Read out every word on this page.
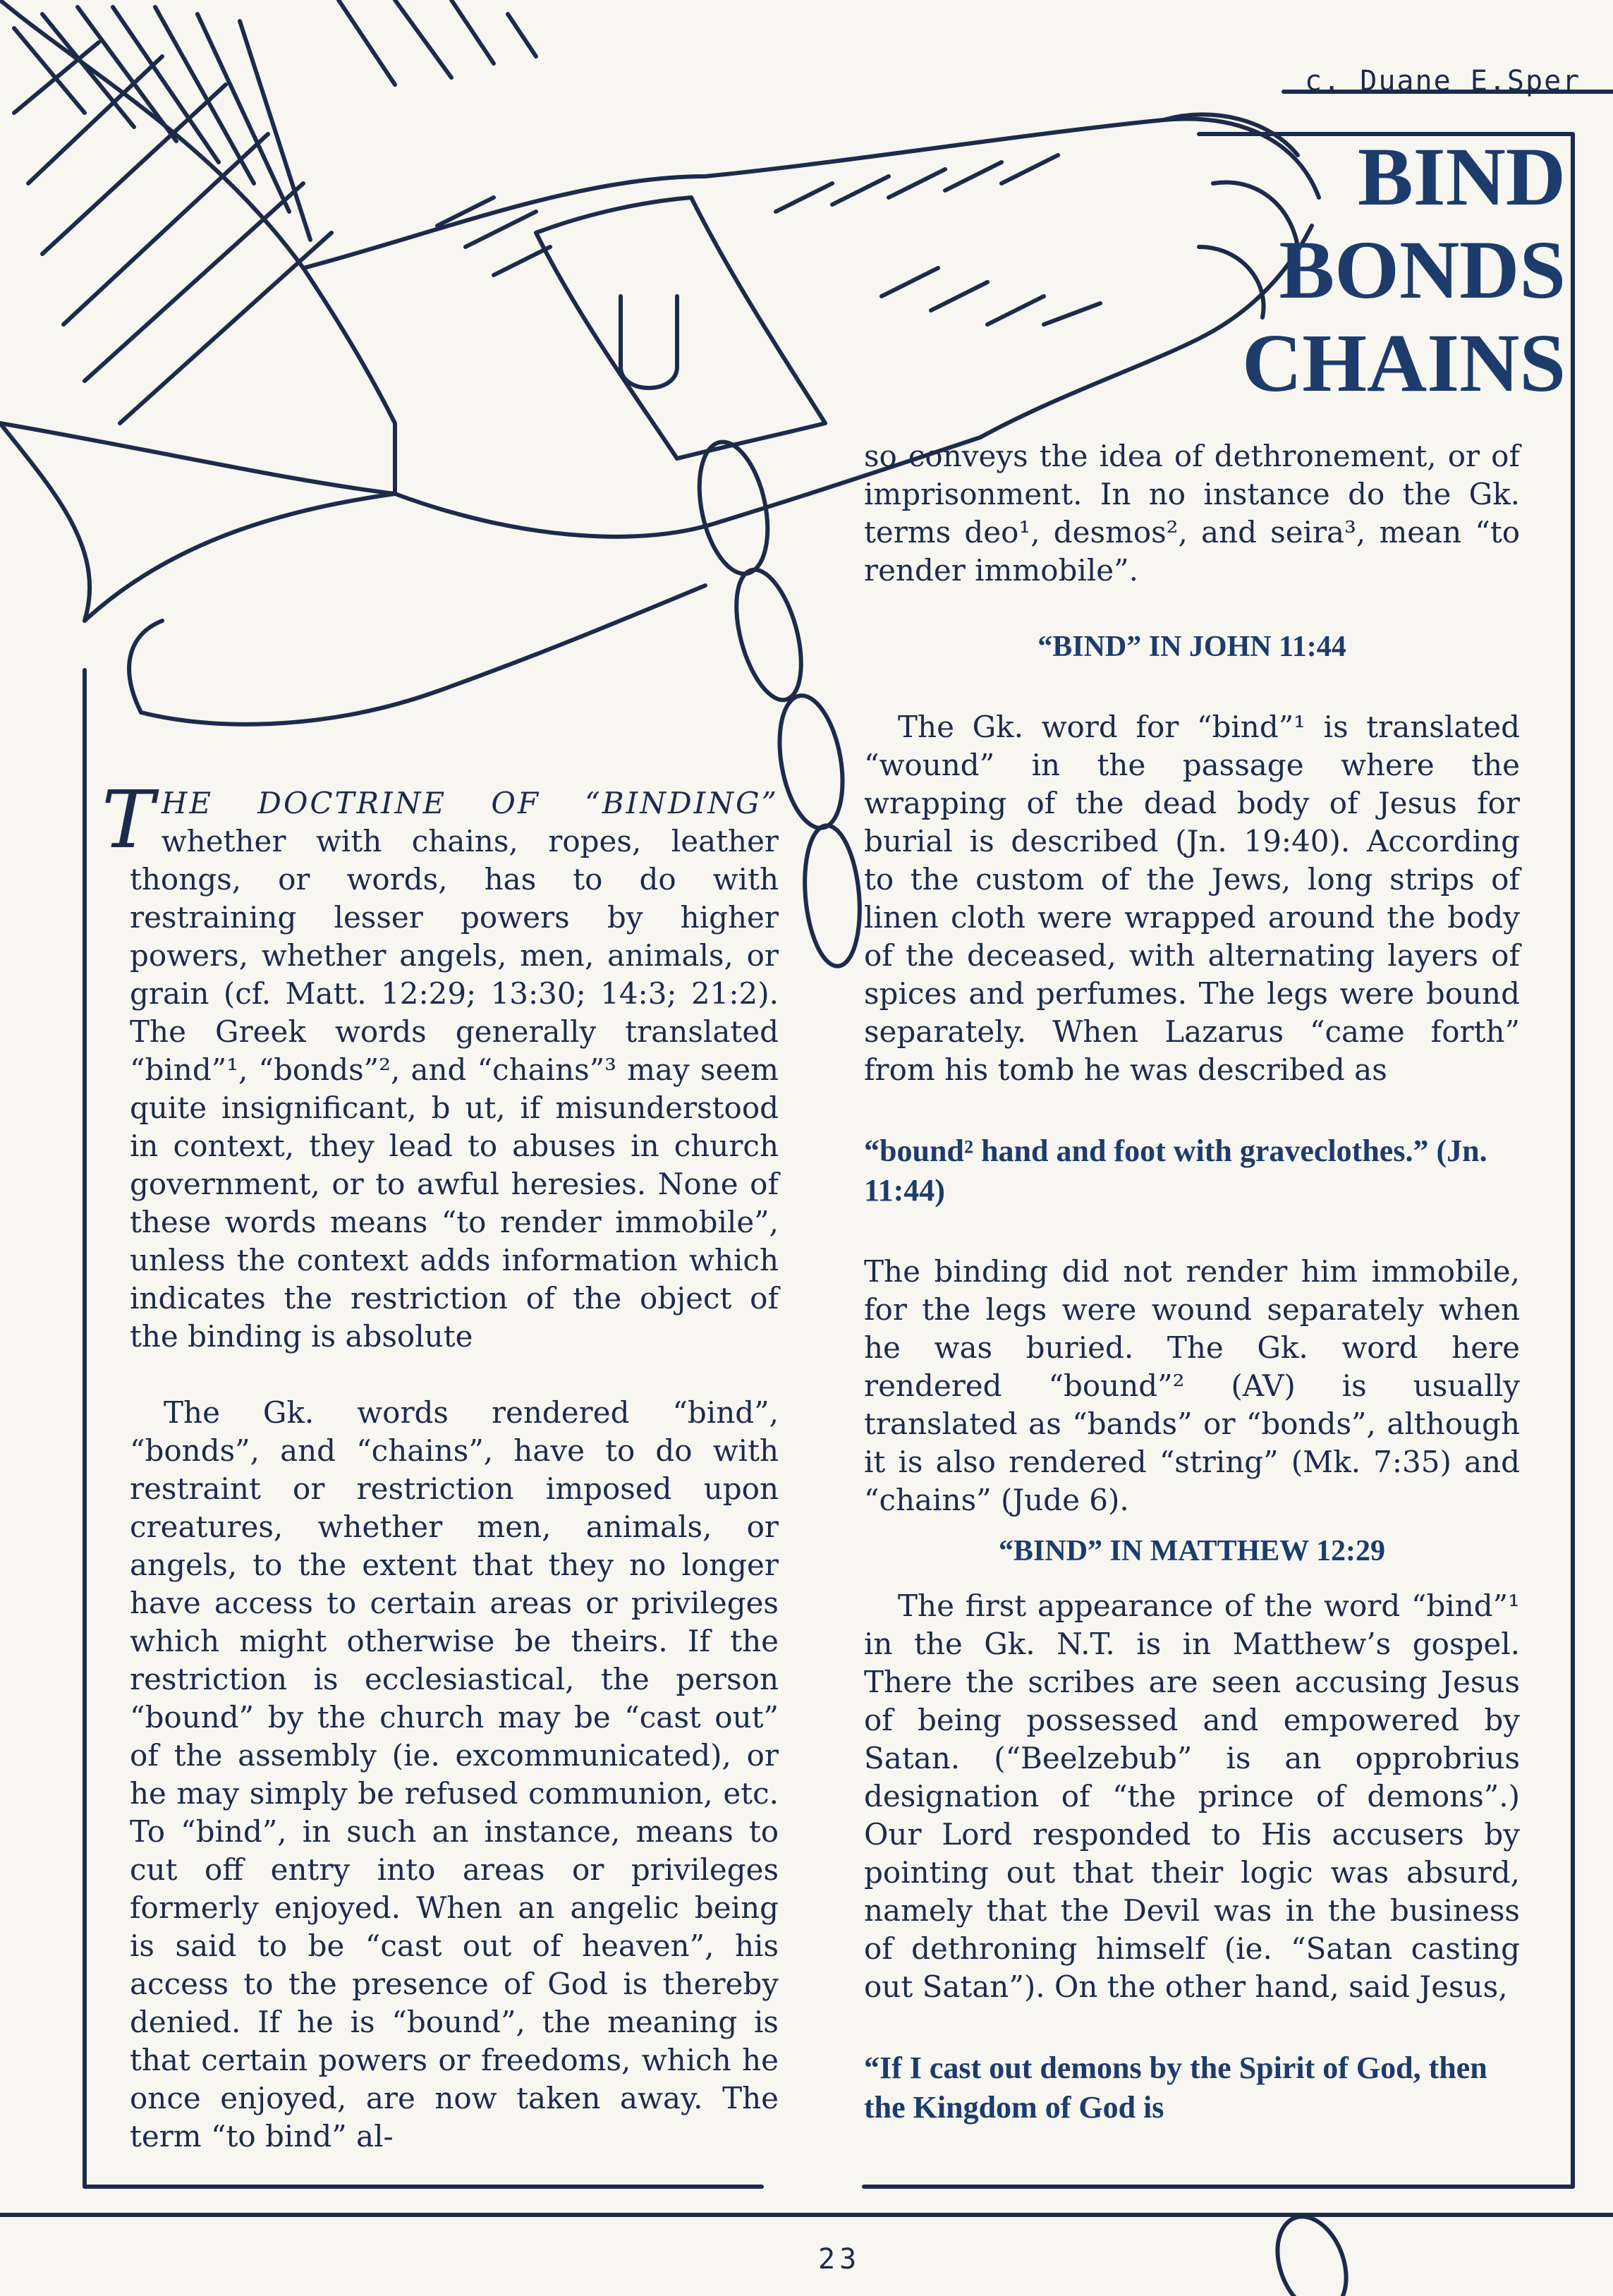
c. Duane E.Sper
BIND
BONDS
CHAINS

THE DOCTRINE OF “BINDING” whether with chains, ropes, leather thongs, or words, has to do with restraining lesser powers by higher powers, whether angels, men, animals, or grain (cf. Matt. 12:29; 13:30; 14:3; 21:2). The Greek words generally translated “bind”¹, “bonds”², and “chains”³ may seem quite insignificant, b ut, if misunderstood in context, they lead to abuses in church government, or to awful heresies. None of these words means “to render immobile”, unless the context adds information which indicates the restriction of the object of the binding is absolute

The Gk. words rendered “bind”, “bonds”, and “chains”, have to do with restraint or restriction imposed upon creatures, whether men, animals, or angels, to the extent that they no longer have access to certain areas or privileges which might otherwise be theirs. If the restriction is ecclesiastical, the person “bound” by the church may be “cast out” of the assembly (ie. excommunicated), or he may simply be refused communion, etc. To “bind”, in such an instance, means to cut off entry into areas or privileges formerly enjoyed. When an angelic being is said to be “cast out of heaven”, his access to the presence of God is thereby denied. If he is “bound”, the meaning is that certain powers or freedoms, which he once enjoyed, are now taken away. The term “to bind” al-

so conveys the idea of dethronement, or of imprisonment. In no instance do the Gk. terms deo¹, desmos², and seira³, mean “to render immobile”.

“BIND” IN JOHN 11:44

The Gk. word for “bind”¹ is translated “wound” in the passage where the wrapping of the dead body of Jesus for burial is described (Jn. 19:40). According to the custom of the Jews, long strips of linen cloth were wrapped around the body of the deceased, with alternating layers of spices and perfumes. The legs were bound separately. When Lazarus “came forth” from his tomb he was described as

“bound² hand and foot with graveclothes.” (Jn. 11:44)

The binding did not render him immobile, for the legs were wound separately when he was buried. The Gk. word here rendered “bound”² (AV) is usually translated as “bands” or “bonds”, although it is also rendered “string” (Mk. 7:35) and “chains” (Jude 6).

“BIND” IN MATTHEW 12:29

The first appearance of the word “bind”¹ in the Gk. N.T. is in Matthew’s gospel. There the scribes are seen accusing Jesus of being possessed and empowered by Satan. (“Beelzebub” is an opprobrius designation of “the prince of demons”.) Our Lord responded to His accusers by pointing out that their logic was absurd, namely that the Devil was in the business of dethroning himself (ie. “Satan casting out Satan”). On the other hand, said Jesus,

“If I cast out demons by the Spirit of God, then the Kingdom of God is

23
